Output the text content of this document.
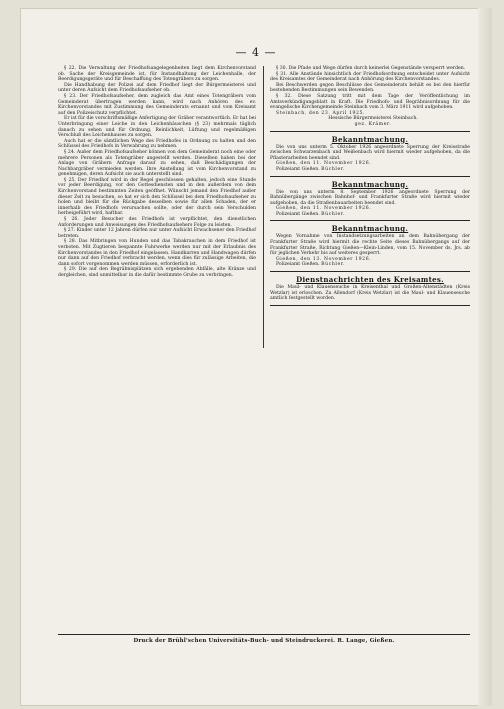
— 4 —

§ 22. Die Verwaltung der Friedhofsangelegenheiten liegt dem Kirchenvorstand ob. Sache der Kreisgemeinde ist, für Instandhaltung der Leichenhalle, der Beerdigungsgeräte und für Beschaffung des Totengräbers zu sorgen.

Die Handhabung der Polizei auf dem Friedhof liegt der Bürgermeisterei und unter deren Aufsicht dem Friedhofsaufseher ob.

§ 23. Der Friedhofsaufseher, dem zugleich das Amt eines Totengräbers vom Gemeinderat übertragen werden kann, wird nach Anhören des ev. Kirchenvorstandes mit Zustimmung des Gemeinderats ernannt und vom Kreisamt auf den Polizeischutz verpflichtet.

Er ist für die vorschriftsmäßige Anfertigung der Gräber verantwortlich. Er hat bei Unterbringung einer Leiche in den Leichenhäuschen (§ 23) mehrmals täglich danach zu sehen und für Ordnung, Reinlichkeit, Lüftung und regelmäßigen Verschluß des Leichenhauses zu sorgen.

Auch hat er die sämtlichen Wege des Friedhofes in Ordnung zu halten und den Schlüssel des Friedhofs in Verwahrung zu nehmen.

§ 24. Außer dem Friedhofsaufseher können von dem Gemeinderat noch eine oder mehrere Personen als Totengräber angestellt werden. Dieselben haben bei der Anlage von Gräbern Anfrage darauf zu sehen, daß Beschädigungen der Nachbargräber vermieden werden. Ihre Anstellung ist vom Kirchenvorstand zu genehmigen, deren Aufsicht sie auch unterstellt sind.

§ 25. Der Friedhof wird in der Regel geschlossen gehalten, jedoch eine Stunde vor jeder Beerdigung, vor den Gottesdiensten und in den außerdem von dem Kirchenvorstand bestimmten Zeiten geöffnet. Wünscht jemand den Friedhof außer dieser Zeit zu besuchen, so hat er sich den Schlüssel bei dem Friedhofsaufseher zu holen und bleibt für die Rückgabe desselben sowie für allen Schaden, der er innerhalb des Friedhofs verursachen sollte, oder der durch sein Verschulden herbeigeführt wird, haftbar.

§ 26. Jeder Besucher des Friedhofs ist verpflichtet, den dienstlichen Anforderungen und Anweisungen des Friedhofsaufsehers Folge zu leisten.

§ 27. Kinder unter 12 Jahren dürfen nur unter Aufsicht Erwachsener den Friedhof betreten.

§ 28. Das Mitbringen von Hunden und das Tabakrauchen in dem Friedhof ist verboten. Mit Zugtieren bespannte Fuhrwerke werden nur mit der Erlaubnis des Kirchenvorstandes in den Friedhof eingelassen. Handkarren und Handwagen dürfen nur dann auf den Friedhof verbracht werden, wenn dies für zulässige Arbeiten, die dann sofort vorgenommen werden müssen, erforderlich ist.

§ 29. Die auf den Begräbnisplätzen sich ergebenden Abfälle, alte Kränze und dergleichen, sind unmittelbar in die dafür bestimmte Grube zu verbringen.

§ 30. Die Pfade und Wege dürfen durch keinerlei Gegenstände versperrt werden.

§ 31. Alle Anstände hinsichtlich der Friedhofsordnung entscheidet unter Aufsicht des Kreisamtes der Gemeinderat nach Anhörung des Kirchenvorstandes.

Bei Beschwerden gegen Beschlüsse des Gemeinderats behält es bei den hierfür bestehenden Bestimmungen sein Bewenden.

§ 32. Diese Satzung tritt mit dem Tage der Veröffentlichung im Amtsverkündigungsblatt in Kraft. Die Friedhofs- und Begräbnisordnung für die evangelische Kirchengemeinde Steinbach vom 3. März 1911 wird aufgehoben.

Steinbach, den 23. April 1925.

Hessische Bürgermeisterei Steinbach.

gez. Krämer.

Bekanntmachung.

Die von uns unterm 5. Oktober 1926 angeordnete Sperrung der Kreisstraße zwischen Schwarzenbach und Weißenbach wird hiermit wieder aufgehoben, da die Pflasterarbeiten beendet sind.

Gießen, den 11. November 1926.

Polizeiamt Gießen. Büchler.

Bekanntmachung.

Die von uns unterm 8. September 1926 angeordnete Sperrung der Bahnübergänge zwischen Bahnhof- und Frankfurter Straße wird hiermit wieder aufgehoben, da die Straßenbauarbeiten beendet sind.

Gießen, den 11. November 1926.

Polizeiamt Gießen. Büchler.

Bekanntmachung.

Wegen Vornahme von Instandsetzungsarbeiten an dem Bahnübergang der Frankfurter Straße wird hiermit die rechte Seite dieses Bahnübergangs auf der Frankfurter Straße, Richtung Gießen—Klein-Linden, vom 15. November ds. Jrs. ab für jeglichen Verkehr bis auf weiteres gesperrt.

Gießen, den 13. November 1926.

Polizeiamt Gießen. Büchler.

Dienstnachrichten des Kreisamtes.

Die Maul- und Klauenseuche in Kreisenthal und Großen-Altenstädten (Kreis Wetzlar) ist erloschen. Zu Allendorf (Kreis Wetzlar) ist die Maul- und Klauenseuche amtlich festgestellt worden.

Druck der Brühl'schen Universitäts-Buch- und Steindruckerei. R. Lange, Gießen.
